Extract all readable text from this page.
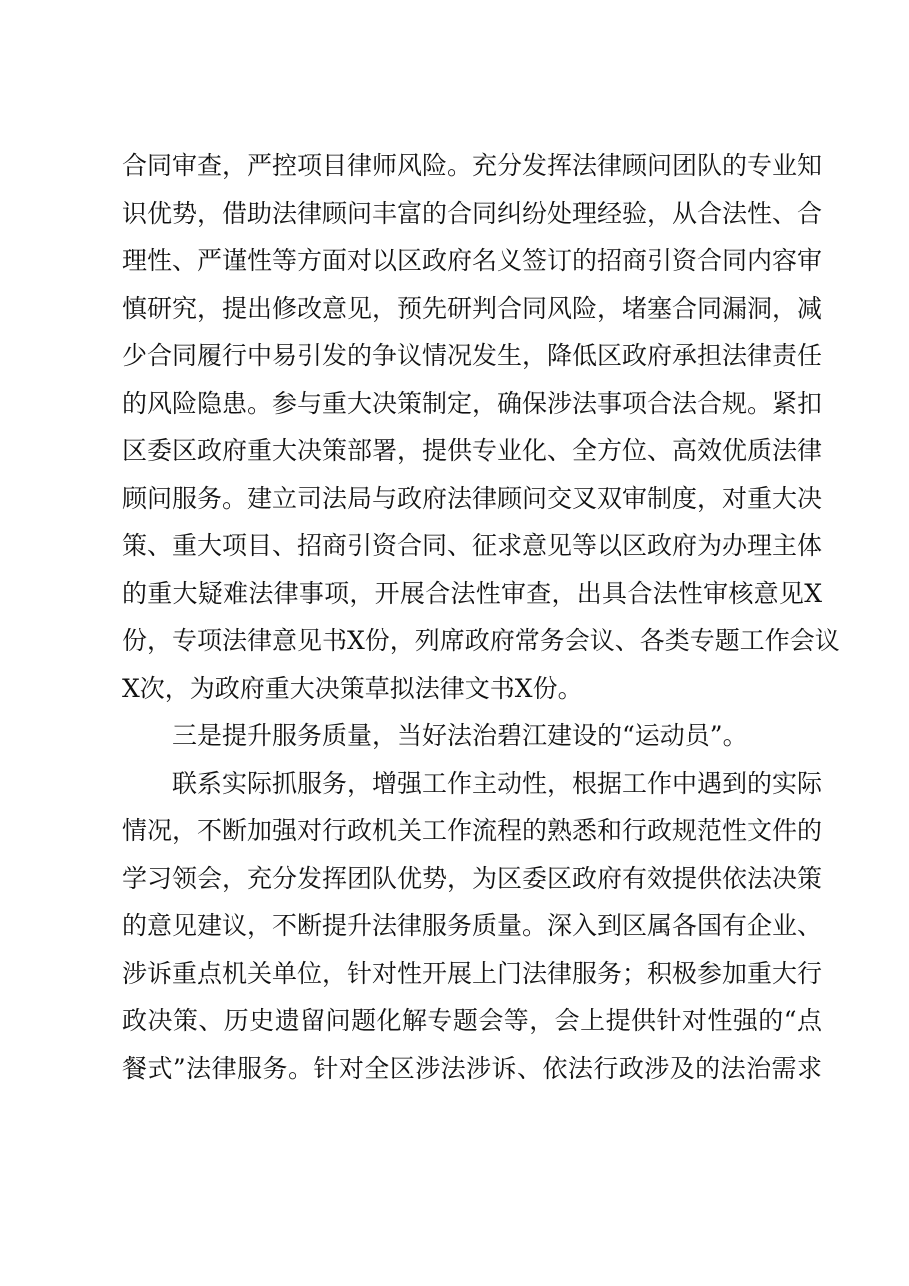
合同审查，严控项目律师风险。充分发挥法律顾问团队的专业知
识优势，借助法律顾问丰富的合同纠纷处理经验，从合法性、合
理性、严谨性等方面对以区政府名义签订的招商引资合同内容审
慎研究，提出修改意见，预先研判合同风险，堵塞合同漏洞，减
少合同履行中易引发的争议情况发生，降低区政府承担法律责任
的风险隐患。参与重大决策制定，确保涉法事项合法合规。紧扣
区委区政府重大决策部署，提供专业化、全方位、高效优质法律
顾问服务。建立司法局与政府法律顾问交叉双审制度，对重大决
策、重大项目、招商引资合同、征求意见等以区政府为办理主体
的重大疑难法律事项，开展合法性审查，出具合法性审核意见X
份，专项法律意见书X份，列席政府常务会议、各类专题工作会议
X次，为政府重大决策草拟法律文书X份。
三是提升服务质量，当好法治碧江建设的“运动员”。
联系实际抓服务，增强工作主动性，根据工作中遇到的实际
情况，不断加强对行政机关工作流程的熟悉和行政规范性文件的
学习领会，充分发挥团队优势，为区委区政府有效提供依法决策
的意见建议，不断提升法律服务质量。深入到区属各国有企业、
涉诉重点机关单位，针对性开展上门法律服务；积极参加重大行
政决策、历史遗留问题化解专题会等，会上提供针对性强的“点
餐式”法律服务。针对全区涉法涉诉、依法行政涉及的法治需求
